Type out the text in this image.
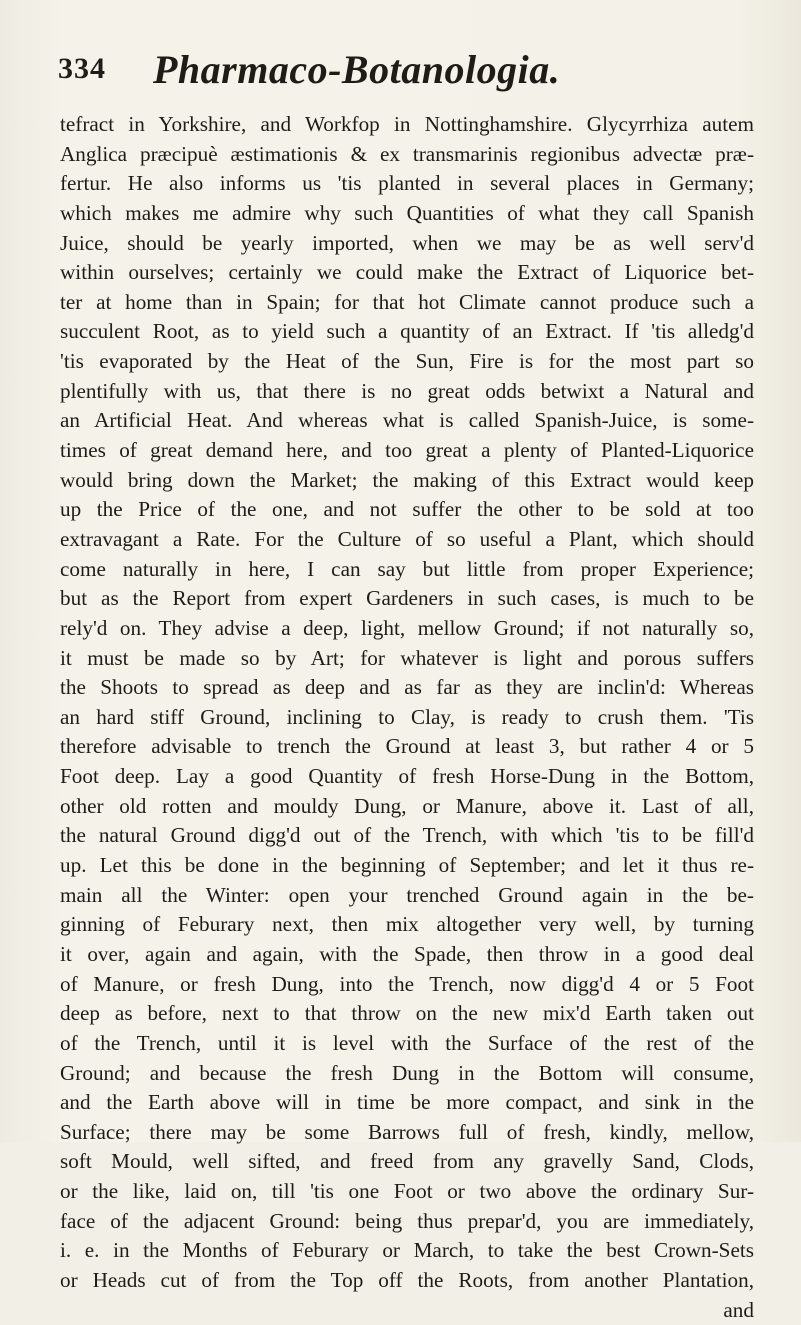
334 Pharmaco-Botanologia.
tefract in Yorkshire, and Workfop in Nottinghamshire. Glycyrrhiza autem
Anglica præcipuè æstimationis & ex transmarinis regionibus advectæ præ-
fertur. He also informs us 'tis planted in several places in Germany;
which makes me admire why such Quantities of what they call Spanish
Juice, should be yearly imported, when we may be as well serv'd
within ourselves; certainly we could make the Extract of Liquorice bet-
ter at home than in Spain; for that hot Climate cannot produce such a
succulent Root, as to yield such a quantity of an Extract. If 'tis alledg'd
'tis evaporated by the Heat of the Sun, Fire is for the most part so
plentifully with us, that there is no great odds betwixt a Natural and
an Artificial Heat. And whereas what is called Spanish-Juice, is some-
times of great demand here, and too great a plenty of Planted-Liquorice
would bring down the Market; the making of this Extract would keep
up the Price of the one, and not suffer the other to be sold at too
extravagant a Rate. For the Culture of so useful a Plant, which should
come naturally in here, I can say but little from proper Experience;
but as the Report from expert Gardeners in such cases, is much to be
rely'd on. They advise a deep, light, mellow Ground; if not naturally so,
it must be made so by Art; for whatever is light and porous suffers
the Shoots to spread as deep and as far as they are inclin'd: Whereas
an hard stiff Ground, inclining to Clay, is ready to crush them. 'Tis
therefore advisable to trench the Ground at least 3, but rather 4 or 5
Foot deep. Lay a good Quantity of fresh Horse-Dung in the Bottom,
other old rotten and mouldy Dung, or Manure, above it. Last of all,
the natural Ground digg'd out of the Trench, with which 'tis to be fill'd
up. Let this be done in the beginning of September; and let it thus re-
main all the Winter: open your trenched Ground again in the be-
ginning of Feburary next, then mix altogether very well, by turning
it over, again and again, with the Spade, then throw in a good deal
of Manure, or fresh Dung, into the Trench, now digg'd 4 or 5 Foot
deep as before, next to that throw on the new mix'd Earth taken out
of the Trench, until it is level with the Surface of the rest of the
Ground; and because the fresh Dung in the Bottom will consume,
and the Earth above will in time be more compact, and sink in the
Surface; there may be some Barrows full of fresh, kindly, mellow,
soft Mould, well sifted, and freed from any gravelly Sand, Clods,
or the like, laid on, till 'tis one Foot or two above the ordinary Sur-
face of the adjacent Ground: being thus prepar'd, you are immediately,
i. e. in the Months of Feburary or March, to take the best Crown-Sets
or Heads cut of from the Top off the Roots, from another Plantation,
and
